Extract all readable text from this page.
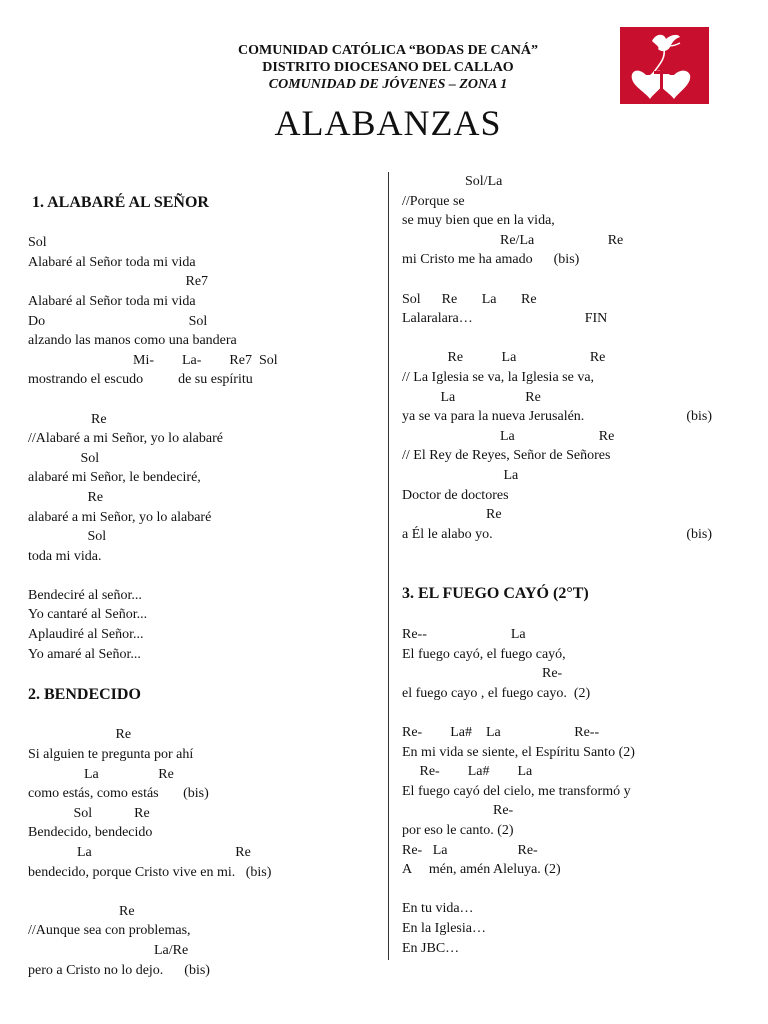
COMUNIDAD CATÓLICA “BODAS DE CANÁ”
DISTRITO DIOCESANO DEL CALLAO
COMUNIDAD DE JÓVENES – ZONA 1
ALABANZAS
1. ALABARÉ AL SEÑOR
Sol
Alabaré al Señor toda mi vida
Re7
Alabaré al Señor toda mi vida
Do                                         Sol
alzando las manos como una bandera
Mi-        La-        Re7  Sol
mostrando el escudo          de su espíritu
Re
//Alabaré a mi Señor, yo lo alabaré
Sol
alabaré mi Señor, le bendeciré,
Re
alabaré a mi Señor, yo lo alabaré
Sol
toda mi vida.
Bendeciré al señor...
Yo cantaré al Señor...
Aplaudiré al Señor...
Yo amaré al Señor...
2. BENDECIDO
Re
Si alguien te pregunta por ahí
La                 Re
como estás, como estás       (bis)
Sol            Re
Bendecido, bendecido
La                                         Re
bendecido, porque Cristo vive en mi.   (bis)
Re
//Aunque sea con problemas,
La/Re
pero a Cristo no lo dejo.      (bis)
Sol/La
//Porque se
se muy bien que en la vida,
Re/La                     Re
mi Cristo me ha amado      (bis)
Sol      Re       La       Re
Lalaralara…                                FIN
Re           La                     Re
// La Iglesia se va, la Iglesia se va,
La                    Re
ya se va para la nueva Jerusalén.	(bis)
La                        Re
// El Rey de Reyes, Señor de Señores
La
Doctor de doctores
Re
a Él le alabo yo.	(bis)
3. EL FUEGO CAYÓ (2°T)
Re--                        La
El fuego cayó, el fuego cayó,
Re-
el fuego cayo , el fuego cayo.  (2)
Re-        La#    La                     Re--
En mi vida se siente, el Espíritu Santo (2)
Re-        La#        La
El fuego cayó del cielo, me transformó y
Re-
por eso le canto. (2)
Re-   La                    Re-
A     mén, amén Aleluya. (2)
En tu vida…
En la Iglesia…
En JBC…
